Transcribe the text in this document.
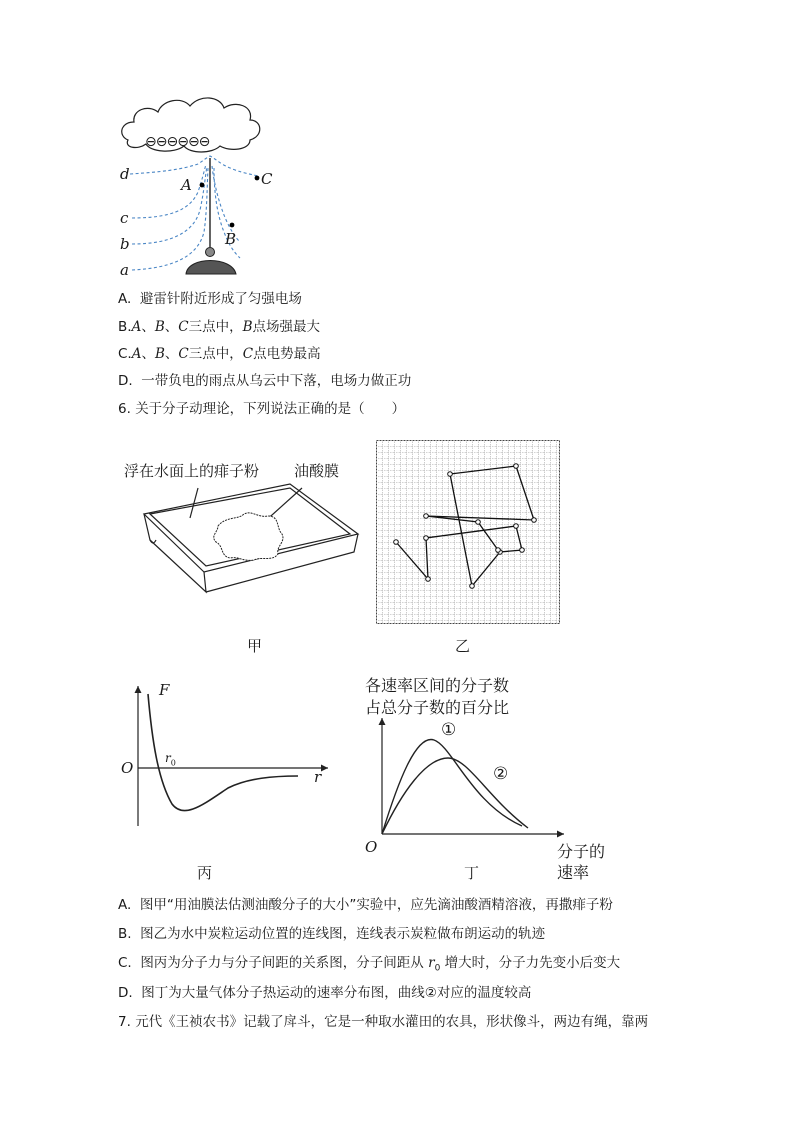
⊖⊖⊖⊖⊖⊖
d
c
b
a
A
B
C
A. 避雷针附近形成了匀强电场
B.A、B、C三点中，B点场强最大
C.A、B、C三点中，C点电势最高
D. 一带负电的雨点从乌云中下落，电场力做正功
6. 关于分子动理论，下列说法正确的是（　　）
浮在水面上的痱子粉 油酸膜
甲	乙
F
O
$r_0$
r
丙
各速率区间的分子数
占总分子数的百分比
①
②
O	分子的
速率
丁
A. 图甲“用油膜法估测油酸分子的大小”实验中，应先滴油酸酒精溶液，再撒痱子粉
B. 图乙为水中炭粒运动位置的连线图，连线表示炭粒做布朗运动的轨迹
C. 图丙为分子力与分子间距的关系图，分子间距从 $r_0$ 增大时，分子力先变小后变大
D. 图丁为大量气体分子热运动的速率分布图，曲线②对应的温度较高
7. 元代《王祯农书》记载了戽斗，它是一种取水灌田的农具，形状像斗，两边有绳，靠两
